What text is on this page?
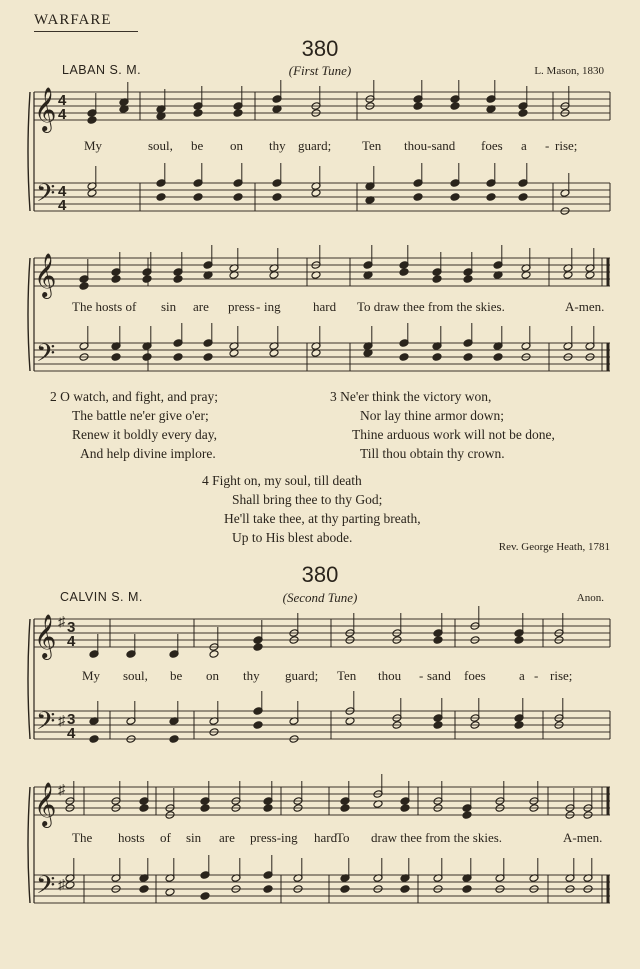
WARFARE
380
LABAN S. M.	(First Tune)	L. Mason, 1830
𝄞
𝄢
4
4
4
4
My	soul, be on thy guard; Ten thou-sand foes a - rise;
𝄞
𝄢
The hosts of sin are press - ing hard To draw thee from the skies.	A-men.
2 O watch, and fight, and pray;
The battle ne'er give o'er;
Renew it boldly every day,
And help divine implore.
3 Ne'er think the victory won,
Nor lay thine armor down;
Thine arduous work will not be done,
Till thou obtain thy crown.
4 Fight on, my soul, till death
Shall bring thee to thy God;
He'll take thee, at thy parting breath,
Up to His blest abode.
Rev. George Heath, 1781
380
CALVIN S. M.	(Second Tune)	Anon.
𝄞
𝄢
♯
♯
3
4
3
4
My soul, be on thy guard; Ten thou - sand foes	a - rise;
𝄞
𝄢
♯
♯
The hosts of sin are press-ing hard
To draw thee from the skies.	A-men.
